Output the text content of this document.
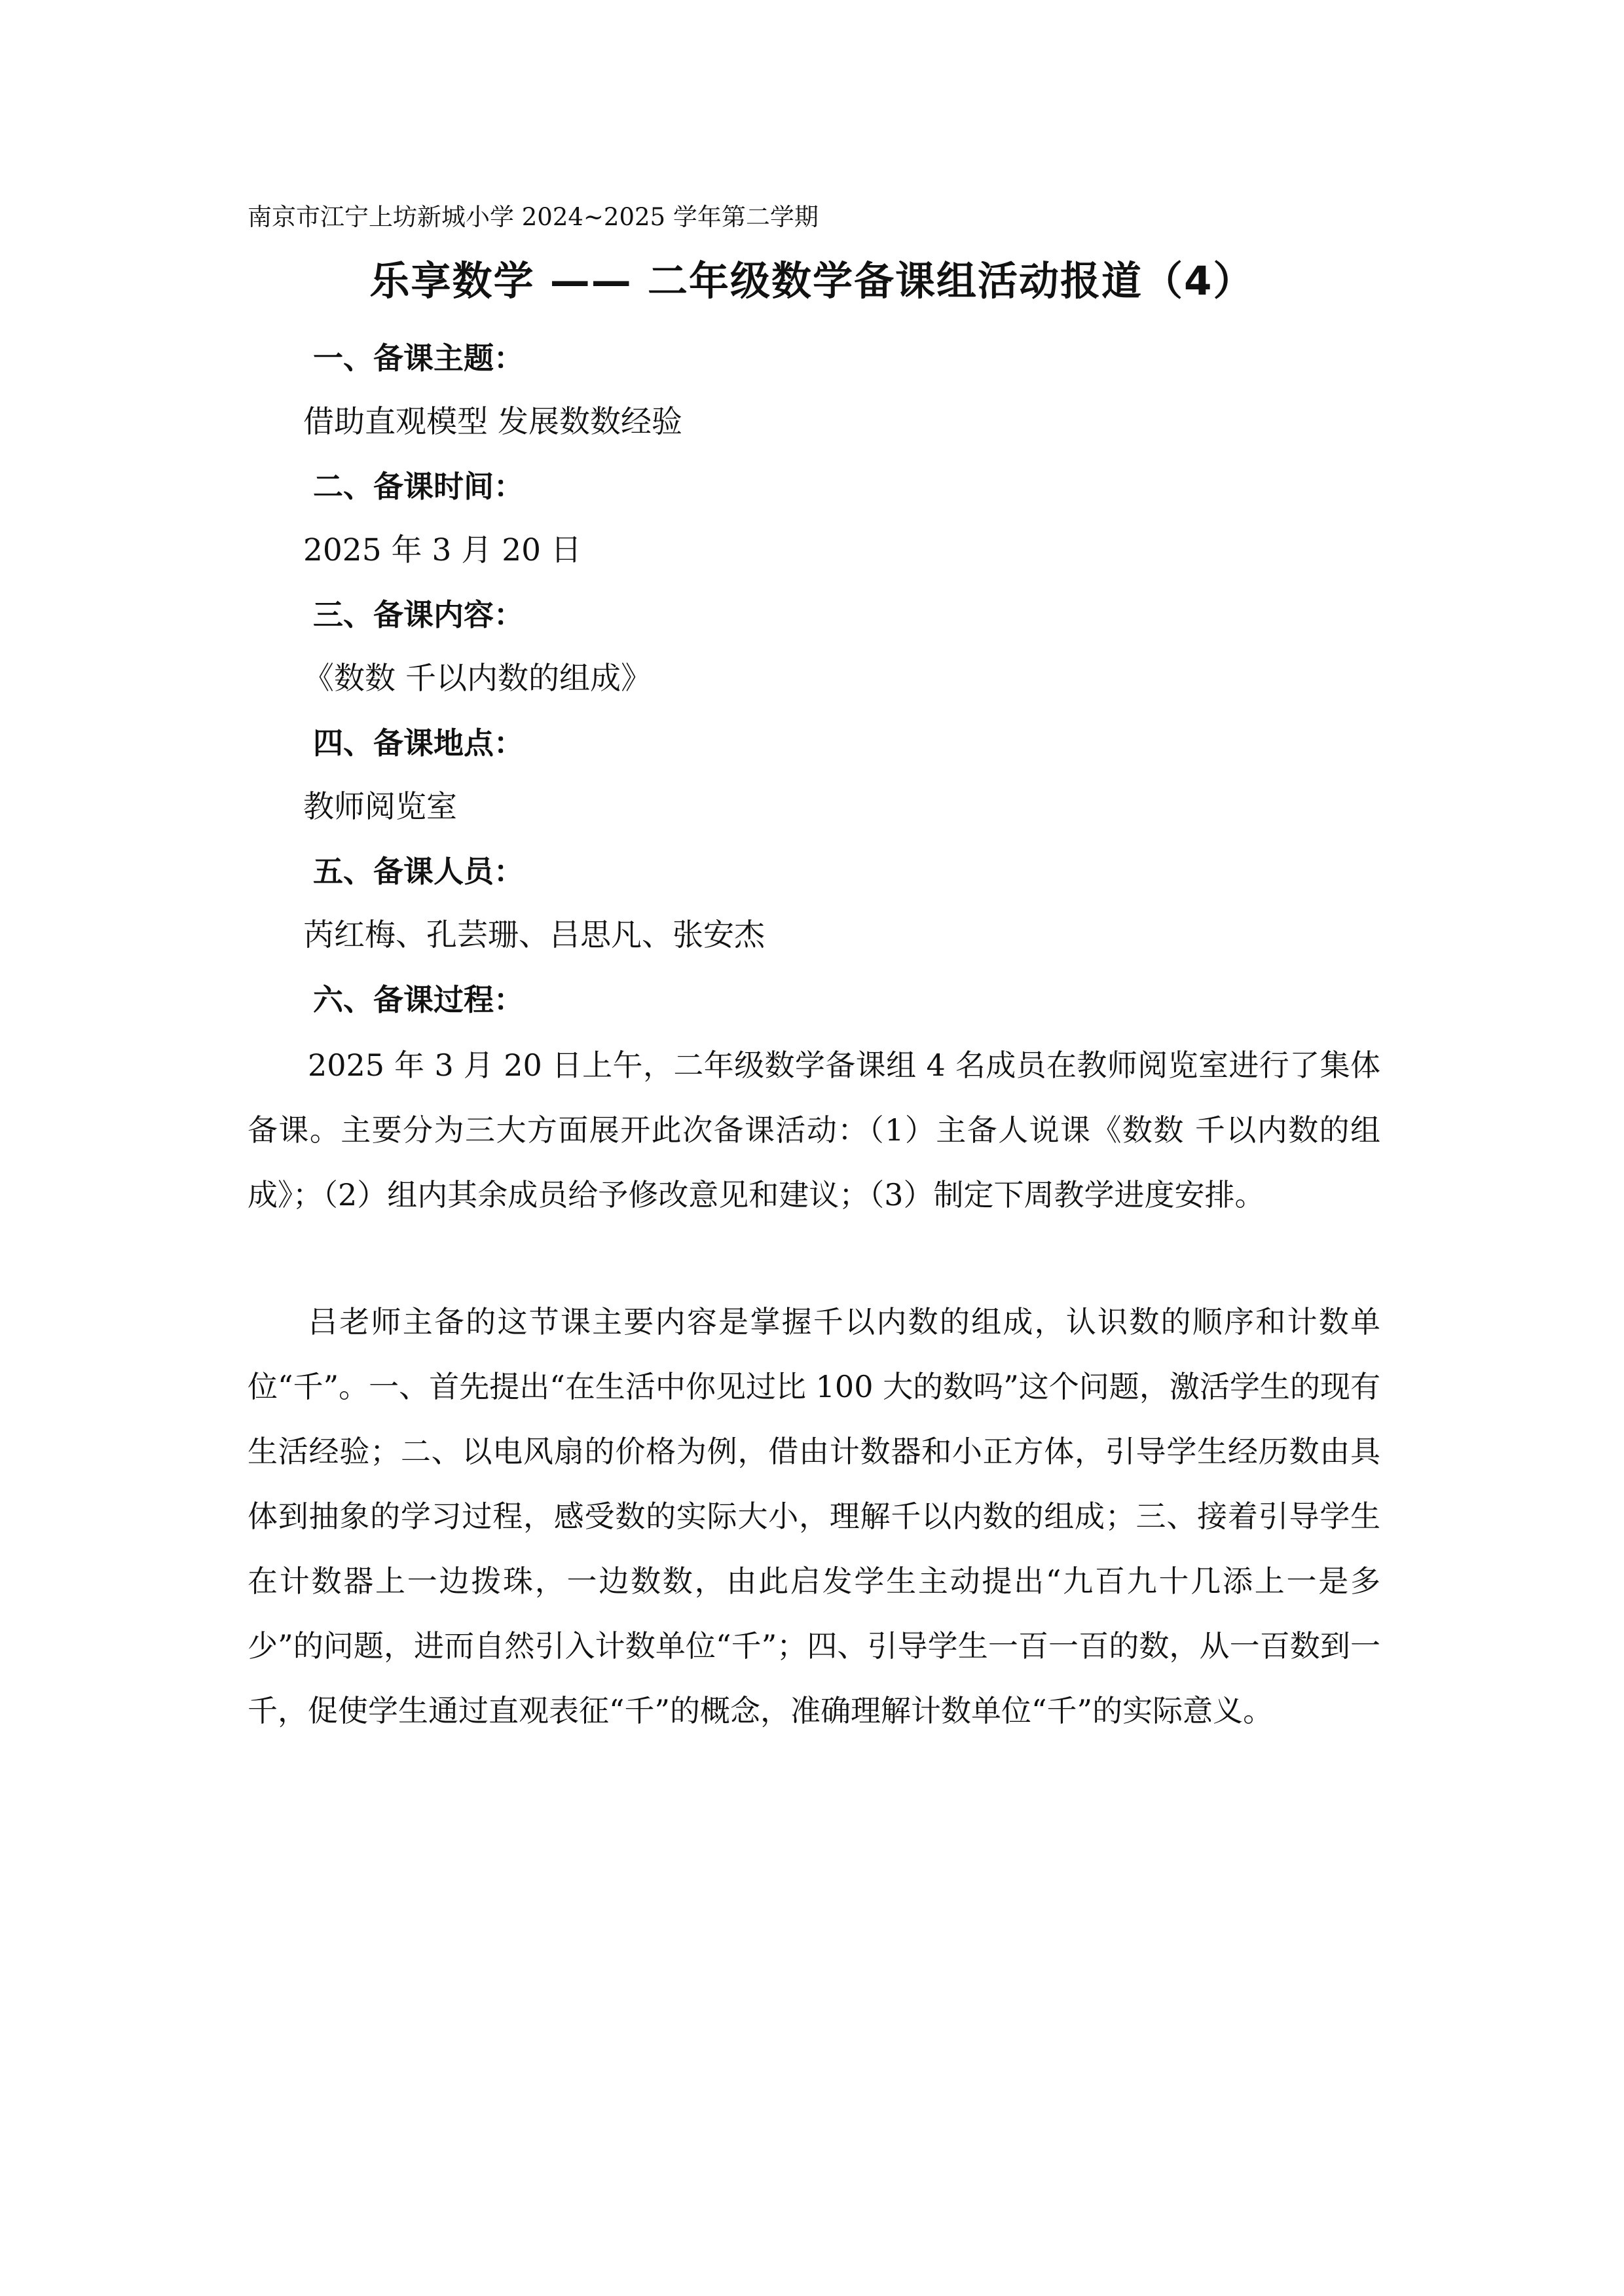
南京市江宁上坊新城小学 2024~2025 学年第二学期
乐享数学 —— 二年级数学备课组活动报道（4）
一、备课主题：
借助直观模型 发展数数经验
二、备课时间：
2025 年 3 月 20 日
三、备课内容：
《数数 千以内数的组成》
四、备课地点：
教师阅览室
五、备课人员：
芮红梅、孔芸珊、吕思凡、张安杰
六、备课过程：

2025 年 3 月 20 日上午，二年级数学备课组 4 名成员在教师阅览室进行了集体备课。主要分为三大方面展开此次备课活动：（1）主备人说课《数数 千以内数的组成》；（2）组内其余成员给予修改意见和建议；（3）制定下周教学进度安排。

吕老师主备的这节课主要内容是掌握千以内数的组成，认识数的顺序和计数单位“千”。一、首先提出“在生活中你见过比 100 大的数吗”这个问题，激活学生的现有生活经验；二、以电风扇的价格为例，借由计数器和小正方体，引导学生经历数由具体到抽象的学习过程，感受数的实际大小，理解千以内数的组成；三、接着引导学生在计数器上一边拨珠，一边数数，由此启发学生主动提出“九百九十几添上一是多少”的问题，进而自然引入计数单位“千”；四、引导学生一百一百的数，从一百数到一千，促使学生通过直观表征“千”的概念，准确理解计数单位“千”的实际意义。
